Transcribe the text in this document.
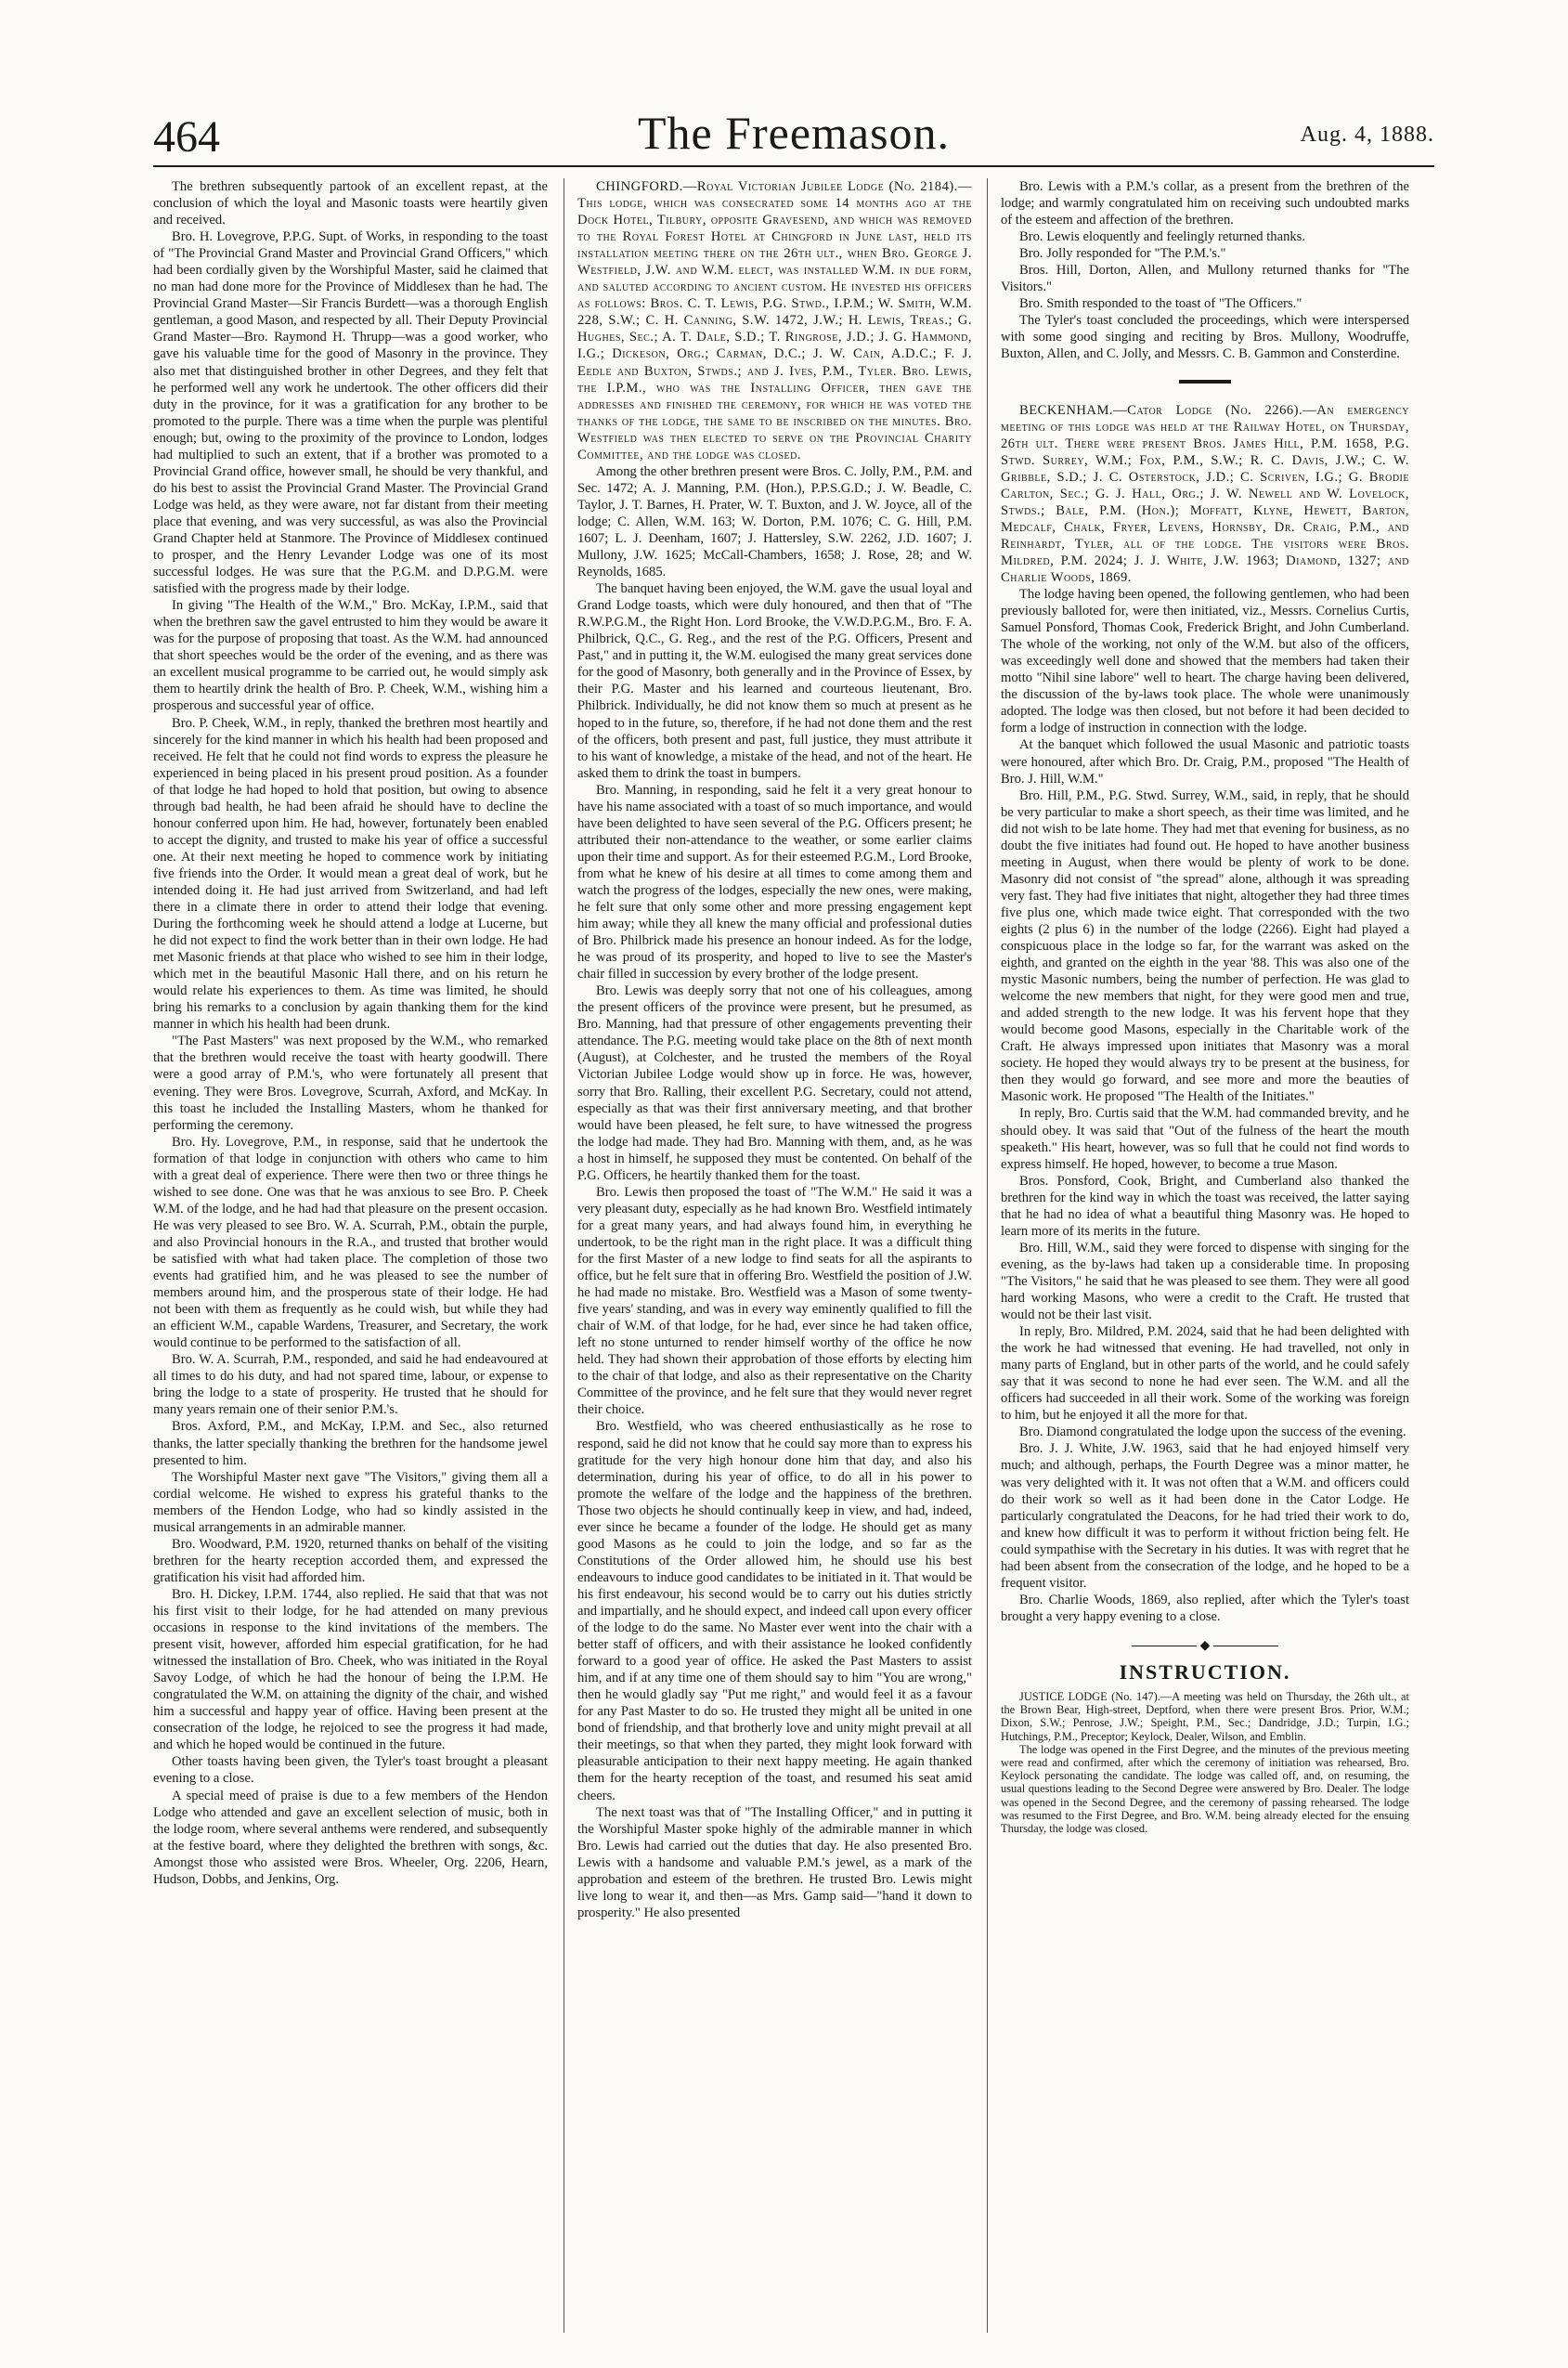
464	The Freemason.	Aug. 4, 1888.

The brethren subsequently partook of an excellent repast, at the conclusion of which the loyal and Masonic toasts were heartily given and received.

Bro. H. Lovegrove, P.P.G. Supt. of Works, in responding to the toast of "The Provincial Grand Master and Provincial Grand Officers," which had been cordially given by the Worshipful Master, said he claimed that no man had done more for the Province of Middlesex than he had. The Provincial Grand Master—Sir Francis Burdett—was a thorough English gentleman, a good Mason, and respected by all. Their Deputy Provincial Grand Master—Bro. Raymond H. Thrupp—was a good worker, who gave his valuable time for the good of Masonry in the province. They also met that distinguished brother in other Degrees, and they felt that he performed well any work he undertook. The other officers did their duty in the province, for it was a gratification for any brother to be promoted to the purple. There was a time when the purple was plentiful enough; but, owing to the proximity of the province to London, lodges had multiplied to such an extent, that if a brother was promoted to a Provincial Grand office, however small, he should be very thankful, and do his best to assist the Provincial Grand Master. The Provincial Grand Lodge was held, as they were aware, not far distant from their meeting place that evening, and was very successful, as was also the Provincial Grand Chapter held at Stanmore. The Province of Middlesex continued to prosper, and the Henry Levander Lodge was one of its most successful lodges. He was sure that the P.G.M. and D.P.G.M. were satisfied with the progress made by their lodge.

In giving "The Health of the W.M.," Bro. McKay, I.P.M., said that when the brethren saw the gavel entrusted to him they would be aware it was for the purpose of proposing that toast. As the W.M. had announced that short speeches would be the order of the evening, and as there was an excellent musical programme to be carried out, he would simply ask them to heartily drink the health of Bro. P. Cheek, W.M., wishing him a prosperous and successful year of office.

Bro. P. Cheek, W.M., in reply, thanked the brethren most heartily and sincerely for the kind manner in which his health had been proposed and received. He felt that he could not find words to express the pleasure he experienced in being placed in his present proud position. As a founder of that lodge he had hoped to hold that position, but owing to absence through bad health, he had been afraid he should have to decline the honour conferred upon him. He had, however, fortunately been enabled to accept the dignity, and trusted to make his year of office a successful one. At their next meeting he hoped to commence work by initiating five friends into the Order. It would mean a great deal of work, but he intended doing it. He had just arrived from Switzerland, and had left there in a climate there in order to attend their lodge that evening. During the forthcoming week he should attend a lodge at Lucerne, but he did not expect to find the work better than in their own lodge. He had met Masonic friends at that place who wished to see him in their lodge, which met in the beautiful Masonic Hall there, and on his return he would relate his experiences to them. As time was limited, he should bring his remarks to a conclusion by again thanking them for the kind manner in which his health had been drunk.

"The Past Masters" was next proposed by the W.M., who remarked that the brethren would receive the toast with hearty goodwill. There were a good array of P.M.'s, who were fortunately all present that evening. They were Bros. Lovegrove, Scurrah, Axford, and McKay. In this toast he included the Installing Masters, whom he thanked for performing the ceremony.

Bro. Hy. Lovegrove, P.M., in response, said that he undertook the formation of that lodge in conjunction with others who came to him with a great deal of experience. There were then two or three things he wished to see done. One was that he was anxious to see Bro. P. Cheek W.M. of the lodge, and he had had that pleasure on the present occasion. He was very pleased to see Bro. W. A. Scurrah, P.M., obtain the purple, and also Provincial honours in the R.A., and trusted that brother would be satisfied with what had taken place. The completion of those two events had gratified him, and he was pleased to see the number of members around him, and the prosperous state of their lodge. He had not been with them as frequently as he could wish, but while they had an efficient W.M., capable Wardens, Treasurer, and Secretary, the work would continue to be performed to the satisfaction of all.

Bro. W. A. Scurrah, P.M., responded, and said he had endeavoured at all times to do his duty, and had not spared time, labour, or expense to bring the lodge to a state of prosperity. He trusted that he should for many years remain one of their senior P.M.'s.

Bros. Axford, P.M., and McKay, I.P.M. and Sec., also returned thanks, the latter specially thanking the brethren for the handsome jewel presented to him.

The Worshipful Master next gave "The Visitors," giving them all a cordial welcome. He wished to express his grateful thanks to the members of the Hendon Lodge, who had so kindly assisted in the musical arrangements in an admirable manner.

Bro. Woodward, P.M. 1920, returned thanks on behalf of the visiting brethren for the hearty reception accorded them, and expressed the gratification his visit had afforded him.

Bro. H. Dickey, I.P.M. 1744, also replied. He said that that was not his first visit to their lodge, for he had attended on many previous occasions in response to the kind invitations of the members. The present visit, however, afforded him especial gratification, for he had witnessed the installation of Bro. Cheek, who was initiated in the Royal Savoy Lodge, of which he had the honour of being the I.P.M. He congratulated the W.M. on attaining the dignity of the chair, and wished him a successful and happy year of office. Having been present at the consecration of the lodge, he rejoiced to see the progress it had made, and which he hoped would be continued in the future.

Other toasts having been given, the Tyler's toast brought a pleasant evening to a close.

A special meed of praise is due to a few members of the Hendon Lodge who attended and gave an excellent selection of music, both in the lodge room, where several anthems were rendered, and subsequently at the festive board, where they delighted the brethren with songs, &c. Amongst those who assisted were Bros. Wheeler, Org. 2206, Hearn, Hudson, Dobbs, and Jenkins, Org.

CHINGFORD.—Royal Victorian Jubilee Lodge (No. 2184).—This lodge, which was consecrated some 14 months ago at the Dock Hotel, Tilbury, opposite Gravesend, and which was removed to the Royal Forest Hotel at Chingford in June last, held its installation meeting there on the 26th ult., when Bro. George J. Westfield, J.W. and W.M. elect, was installed W.M. in due form, and saluted according to ancient custom. He invested his officers as follows: Bros. C. T. Lewis, P.G. Stwd., I.P.M.; W. Smith, W.M. 228, S.W.; C. H. Canning, S.W. 1472, J.W.; H. Lewis, Treas.; G. Hughes, Sec.; A. T. Dale, S.D.; T. Ringrose, J.D.; J. G. Hammond, I.G.; Dickeson, Org.; Carman, D.C.; J. W. Cain, A.D.C.; F. J. Eedle and Buxton, Stwds.; and J. Ives, P.M., Tyler. Bro. Lewis, the I.P.M., who was the Installing Officer, then gave the addresses and finished the ceremony, for which he was voted the thanks of the lodge, the same to be inscribed on the minutes. Bro. Westfield was then elected to serve on the Provincial Charity Committee, and the lodge was closed.

Among the other brethren present were Bros. C. Jolly, P.M., P.M. and Sec. 1472; A. J. Manning, P.M. (Hon.), P.P.S.G.D.; J. W. Beadle, C. Taylor, J. T. Barnes, H. Prater, W. T. Buxton, and J. W. Joyce, all of the lodge; C. Allen, W.M. 163; W. Dorton, P.M. 1076; C. G. Hill, P.M. 1607; L. J. Deenham, 1607; J. Hattersley, S.W. 2262, J.D. 1607; J. Mullony, J.W. 1625; McCall-Chambers, 1658; J. Rose, 28; and W. Reynolds, 1685.

The banquet having been enjoyed, the W.M. gave the usual loyal and Grand Lodge toasts, which were duly honoured, and then that of "The R.W.P.G.M., the Right Hon. Lord Brooke, the V.W.D.P.G.M., Bro. F. A. Philbrick, Q.C., G. Reg., and the rest of the P.G. Officers, Present and Past," and in putting it, the W.M. eulogised the many great services done for the good of Masonry, both generally and in the Province of Essex, by their P.G. Master and his learned and courteous lieutenant, Bro. Philbrick. Individually, he did not know them so much at present as he hoped to in the future, so, therefore, if he had not done them and the rest of the officers, both present and past, full justice, they must attribute it to his want of knowledge, a mistake of the head, and not of the heart. He asked them to drink the toast in bumpers.

Bro. Manning, in responding, said he felt it a very great honour to have his name associated with a toast of so much importance, and would have been delighted to have seen several of the P.G. Officers present; he attributed their non-attendance to the weather, or some earlier claims upon their time and support. As for their esteemed P.G.M., Lord Brooke, from what he knew of his desire at all times to come among them and watch the progress of the lodges, especially the new ones, were making, he felt sure that only some other and more pressing engagement kept him away; while they all knew the many official and professional duties of Bro. Philbrick made his presence an honour indeed. As for the lodge, he was proud of its prosperity, and hoped to live to see the Master's chair filled in succession by every brother of the lodge present.

Bro. Lewis was deeply sorry that not one of his colleagues, among the present officers of the province were present, but he presumed, as Bro. Manning, had that pressure of other engagements preventing their attendance. The P.G. meeting would take place on the 8th of next month (August), at Colchester, and he trusted the members of the Royal Victorian Jubilee Lodge would show up in force. He was, however, sorry that Bro. Ralling, their excellent P.G. Secretary, could not attend, especially as that was their first anniversary meeting, and that brother would have been pleased, he felt sure, to have witnessed the progress the lodge had made. They had Bro. Manning with them, and, as he was a host in himself, he supposed they must be contented. On behalf of the P.G. Officers, he heartily thanked them for the toast.

Bro. Lewis then proposed the toast of "The W.M." He said it was a very pleasant duty, especially as he had known Bro. Westfield intimately for a great many years, and had always found him, in everything he undertook, to be the right man in the right place. It was a difficult thing for the first Master of a new lodge to find seats for all the aspirants to office, but he felt sure that in offering Bro. Westfield the position of J.W. he had made no mistake. Bro. Westfield was a Mason of some twenty-five years' standing, and was in every way eminently qualified to fill the chair of W.M. of that lodge, for he had, ever since he had taken office, left no stone unturned to render himself worthy of the office he now held. They had shown their approbation of those efforts by electing him to the chair of that lodge, and also as their representative on the Charity Committee of the province, and he felt sure that they would never regret their choice.

Bro. Westfield, who was cheered enthusiastically as he rose to respond, said he did not know that he could say more than to express his gratitude for the very high honour done him that day, and also his determination, during his year of office, to do all in his power to promote the welfare of the lodge and the happiness of the brethren. Those two objects he should continually keep in view, and had, indeed, ever since he became a founder of the lodge. He should get as many good Masons as he could to join the lodge, and so far as the Constitutions of the Order allowed him, he should use his best endeavours to induce good candidates to be initiated in it. That would be his first endeavour, his second would be to carry out his duties strictly and impartially, and he should expect, and indeed call upon every officer of the lodge to do the same. No Master ever went into the chair with a better staff of officers, and with their assistance he looked confidently forward to a good year of office. He asked the Past Masters to assist him, and if at any time one of them should say to him "You are wrong," then he would gladly say "Put me right," and would feel it as a favour for any Past Master to do so. He trusted they might all be united in one bond of friendship, and that brotherly love and unity might prevail at all their meetings, so that when they parted, they might look forward with pleasurable anticipation to their next happy meeting. He again thanked them for the hearty reception of the toast, and resumed his seat amid cheers.

The next toast was that of "The Installing Officer," and in putting it the Worshipful Master spoke highly of the admirable manner in which Bro. Lewis had carried out the duties that day. He also presented Bro. Lewis with a handsome and valuable P.M.'s jewel, as a mark of the approbation and esteem of the brethren. He trusted Bro. Lewis might live long to wear it, and then—as Mrs. Gamp said—"hand it down to prosperity." He also presented

Bro. Lewis with a P.M.'s collar, as a present from the brethren of the lodge; and warmly congratulated him on receiving such undoubted marks of the esteem and affection of the brethren.

Bro. Lewis eloquently and feelingly returned thanks.

Bro. Jolly responded for "The P.M.'s."

Bros. Hill, Dorton, Allen, and Mullony returned thanks for "The Visitors."

Bro. Smith responded to the toast of "The Officers."

The Tyler's toast concluded the proceedings, which were interspersed with some good singing and reciting by Bros. Mullony, Woodruffe, Buxton, Allen, and C. Jolly, and Messrs. C. B. Gammon and Consterdine.

BECKENHAM.—Cator Lodge (No. 2266).—An emergency meeting of this lodge was held at the Railway Hotel, on Thursday, 26th ult. There were present Bros. James Hill, P.M. 1658, P.G. Stwd. Surrey, W.M.; Fox, P.M., S.W.; R. C. Davis, J.W.; C. W. Gribble, S.D.; J. C. Osterstock, J.D.; C. Scriven, I.G.; G. Brodie Carlton, Sec.; G. J. Hall, Org.; J. W. Newell and W. Lovelock, Stwds.; Bale, P.M. (Hon.); Moffatt, Klyne, Hewett, Barton, Medcalf, Chalk, Fryer, Levens, Hornsby, Dr. Craig, P.M., and Reinhardt, Tyler, all of the lodge. The visitors were Bros. Mildred, P.M. 2024; J. J. White, J.W. 1963; Diamond, 1327; and Charlie Woods, 1869.

The lodge having been opened, the following gentlemen, who had been previously balloted for, were then initiated, viz., Messrs. Cornelius Curtis, Samuel Ponsford, Thomas Cook, Frederick Bright, and John Cumberland. The whole of the working, not only of the W.M. but also of the officers, was exceedingly well done and showed that the members had taken their motto "Nihil sine labore" well to heart. The charge having been delivered, the discussion of the by-laws took place. The whole were unanimously adopted. The lodge was then closed, but not before it had been decided to form a lodge of instruction in connection with the lodge.

At the banquet which followed the usual Masonic and patriotic toasts were honoured, after which Bro. Dr. Craig, P.M., proposed "The Health of Bro. J. Hill, W.M."

Bro. Hill, P.M., P.G. Stwd. Surrey, W.M., said, in reply, that he should be very particular to make a short speech, as their time was limited, and he did not wish to be late home. They had met that evening for business, as no doubt the five initiates had found out. He hoped to have another business meeting in August, when there would be plenty of work to be done. Masonry did not consist of "the spread" alone, although it was spreading very fast. They had five initiates that night, altogether they had three times five plus one, which made twice eight. That corresponded with the two eights (2 plus 6) in the number of the lodge (2266). Eight had played a conspicuous place in the lodge so far, for the warrant was asked on the eighth, and granted on the eighth in the year '88. This was also one of the mystic Masonic numbers, being the number of perfection. He was glad to welcome the new members that night, for they were good men and true, and added strength to the new lodge. It was his fervent hope that they would become good Masons, especially in the Charitable work of the Craft. He always impressed upon initiates that Masonry was a moral society. He hoped they would always try to be present at the business, for then they would go forward, and see more and more the beauties of Masonic work. He proposed "The Health of the Initiates."

In reply, Bro. Curtis said that the W.M. had commanded brevity, and he should obey. It was said that "Out of the fulness of the heart the mouth speaketh." His heart, however, was so full that he could not find words to express himself. He hoped, however, to become a true Mason.

Bros. Ponsford, Cook, Bright, and Cumberland also thanked the brethren for the kind way in which the toast was received, the latter saying that he had no idea of what a beautiful thing Masonry was. He hoped to learn more of its merits in the future.

Bro. Hill, W.M., said they were forced to dispense with singing for the evening, as the by-laws had taken up a considerable time. In proposing "The Visitors," he said that he was pleased to see them. They were all good hard working Masons, who were a credit to the Craft. He trusted that would not be their last visit.

In reply, Bro. Mildred, P.M. 2024, said that he had been delighted with the work he had witnessed that evening. He had travelled, not only in many parts of England, but in other parts of the world, and he could safely say that it was second to none he had ever seen. The W.M. and all the officers had succeeded in all their work. Some of the working was foreign to him, but he enjoyed it all the more for that.

Bro. Diamond congratulated the lodge upon the success of the evening.

Bro. J. J. White, J.W. 1963, said that he had enjoyed himself very much; and although, perhaps, the Fourth Degree was a minor matter, he was very delighted with it. It was not often that a W.M. and officers could do their work so well as it had been done in the Cator Lodge. He particularly congratulated the Deacons, for he had tried their work to do, and knew how difficult it was to perform it without friction being felt. He could sympathise with the Secretary in his duties. It was with regret that he had been absent from the consecration of the lodge, and he hoped to be a frequent visitor.

Bro. Charlie Woods, 1869, also replied, after which the Tyler's toast brought a very happy evening to a close.

◆
INSTRUCTION.

JUSTICE LODGE (No. 147).—A meeting was held on Thursday, the 26th ult., at the Brown Bear, High-street, Deptford, when there were present Bros. Prior, W.M.; Dixon, S.W.; Penrose, J.W.; Speight, P.M., Sec.; Dandridge, J.D.; Turpin, I.G.; Hutchings, P.M., Preceptor; Keylock, Dealer, Wilson, and Emblin.

The lodge was opened in the First Degree, and the minutes of the previous meeting were read and confirmed, after which the ceremony of initiation was rehearsed, Bro. Keylock personating the candidate. The lodge was called off, and, on resuming, the usual questions leading to the Second Degree were answered by Bro. Dealer. The lodge was opened in the Second Degree, and the ceremony of passing rehearsed. The lodge was resumed to the First Degree, and Bro. W.M. being already elected for the ensuing Thursday, the lodge was closed.
